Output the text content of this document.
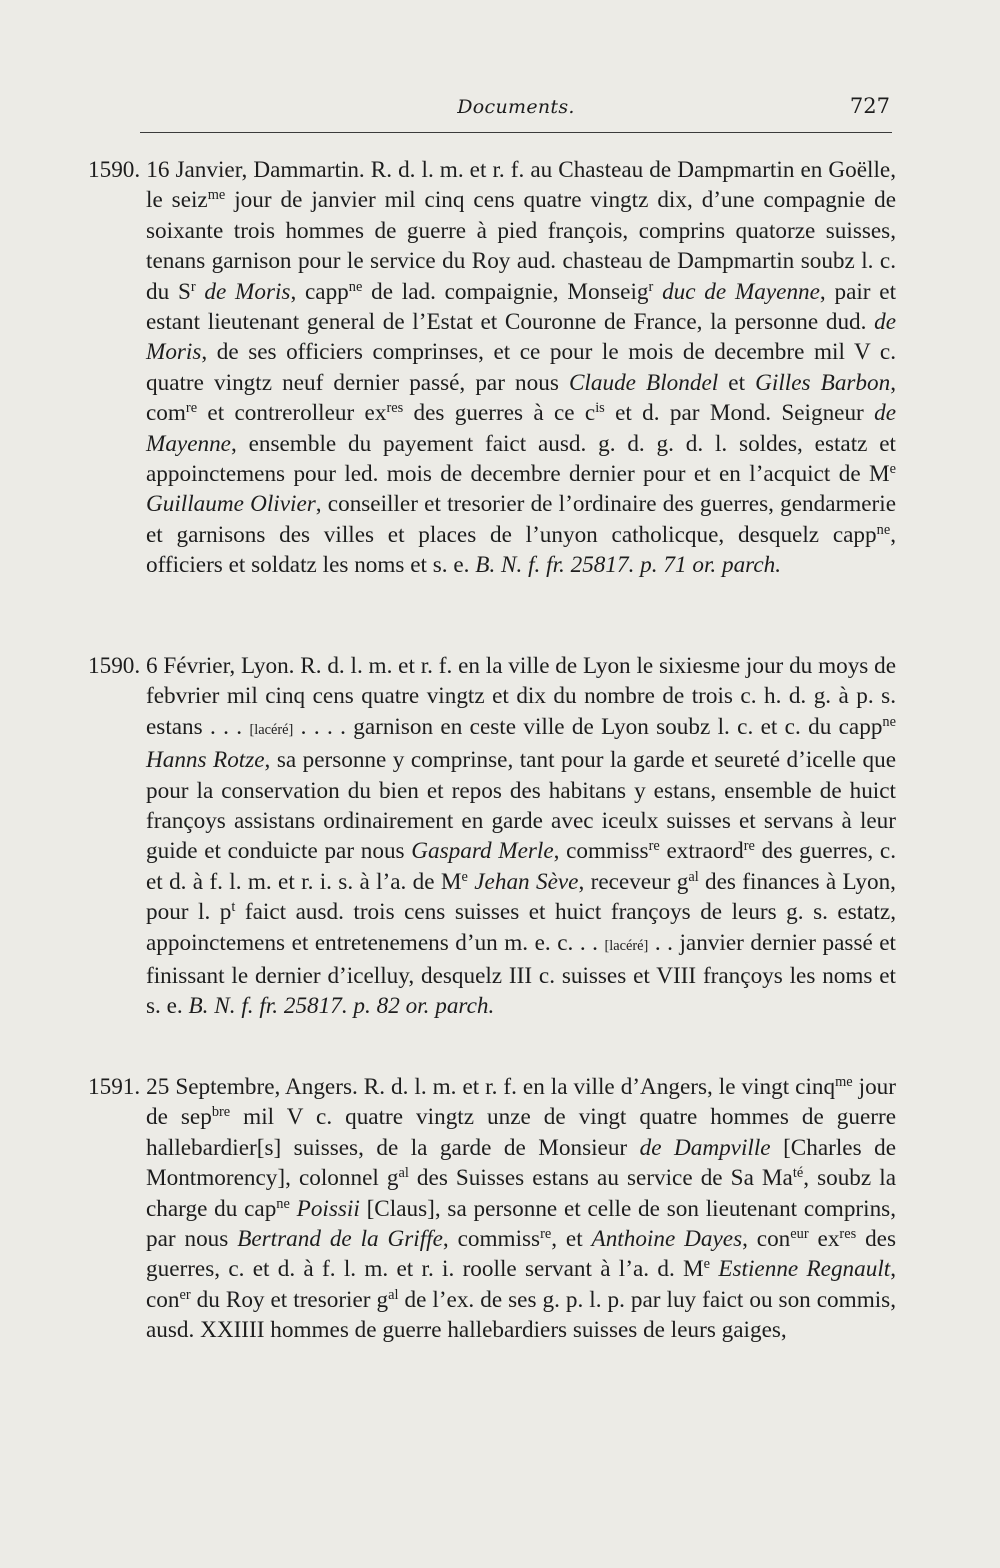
Documents.	727

1590. 16 Janvier, Dammartin. R. d. l. m. et r. f. au Chasteau de Dampmartin en Goëlle, le seiz$^{me}$ jour de janvier mil cinq cens quatre vingtz dix, d’une compagnie de soixante trois hommes de guerre à pied françois, comprins quatorze suisses, tenans garnison pour le service du Roy aud. chasteau de Dampmartin soubz l. c. du $S^r$ de Moris, capp$^{ne}$ de lad. compaignie, Monseig$^r$ duc de Mayenne, pair et estant lieutenant general de l’Estat et Couronne de France, la personne dud. de Moris, de ses officiers comprinses, et ce pour le mois de decembre mil V c. quatre vingtz neuf dernier passé, par nous Claude Blondel et Gilles Barbon, com$^{re}$ et contrerolleur $ex^{res}$ des guerres à ce $c^{is}$ et d. par Mond. Seigneur de Mayenne, ensemble du payement faict ausd. g. d. g. d. l. soldes, estatz et appoinctemens pour led. mois de decembre dernier pour et en l’acquict de Me Guillaume Olivier, conseiller et tresorier de l’ordinaire des guerres, gendarmerie et garnisons des villes et places de l’unyon catholicque, desquelz capp$^{ne}$, officiers et soldatz les noms et s. e. B. N. f. fr. 25817. p. 71 or. parch.

1590. 6 Février, Lyon. R. d. l. m. et r. f. en la ville de Lyon le sixiesme jour du moys de febvrier mil cinq cens quatre vingtz et dix du nombre de trois c. h. d. g. à p. s. estans . . . [lacéré] . . . . garnison en ceste ville de Lyon soubz l. c. et c. du capp$^{ne}$ Hanns Rotze, sa personne y comprinse, tant pour la garde et seureté d’icelle que pour la conservation du bien et repos des habitans y estans, ensemble de huict françoys assistans ordinairement en garde avec iceulx suisses et servans à leur guide et conduicte par nous Gaspard Merle, commiss$^{re}$ extraord$^{re}$ des guerres, c. et d. à f. l. m. et r. i. s. à l’a. de Me Jehan Sève, receveur $g^{al}$ des finances à Lyon, pour l. $p^t$ faict ausd. trois cens suisses et huict françoys de leurs g. s. estatz, appoinctemens et entretenemens d’un m. e. c. . . [lacéré] . . janvier dernier passé et finissant le dernier d’icelluy, desquelz III c. suisses et VIII françoys les noms et s. e. B. N. f. fr. 25817. p. 82 or. parch.

1591. 25 Septembre, Angers. R. d. l. m. et r. f. en la ville d’Angers, le vingt cinq$^{me}$ jour de sep$^{bre}$ mil V c. quatre vingtz unze de vingt quatre hommes de guerre hallebardier[s] suisses, de la garde de Monsieur de Dampville [Charles de Montmorency], colonnel $g^{al}$ des Suisses estans au service de Sa $Ma^{té}$, soubz la charge du cap$^{ne}$ Poissii [Claus], sa personne et celle de son lieutenant comprins, par nous Bertrand de la Griffe, commiss$^{re}$, et Anthoine Dayes, con$^{eur}$ $ex^{res}$ des guerres, c. et d. à f. l. m. et r. i. roolle servant à l’a. d. Me Estienne Regnault, con$^{er}$ du Roy et tresorier $g^{al}$ de l’ex. de ses g. p. l. p. par luy faict ou son commis, ausd. XXIIII hommes de guerre hallebardiers suisses de leurs gaiges,
